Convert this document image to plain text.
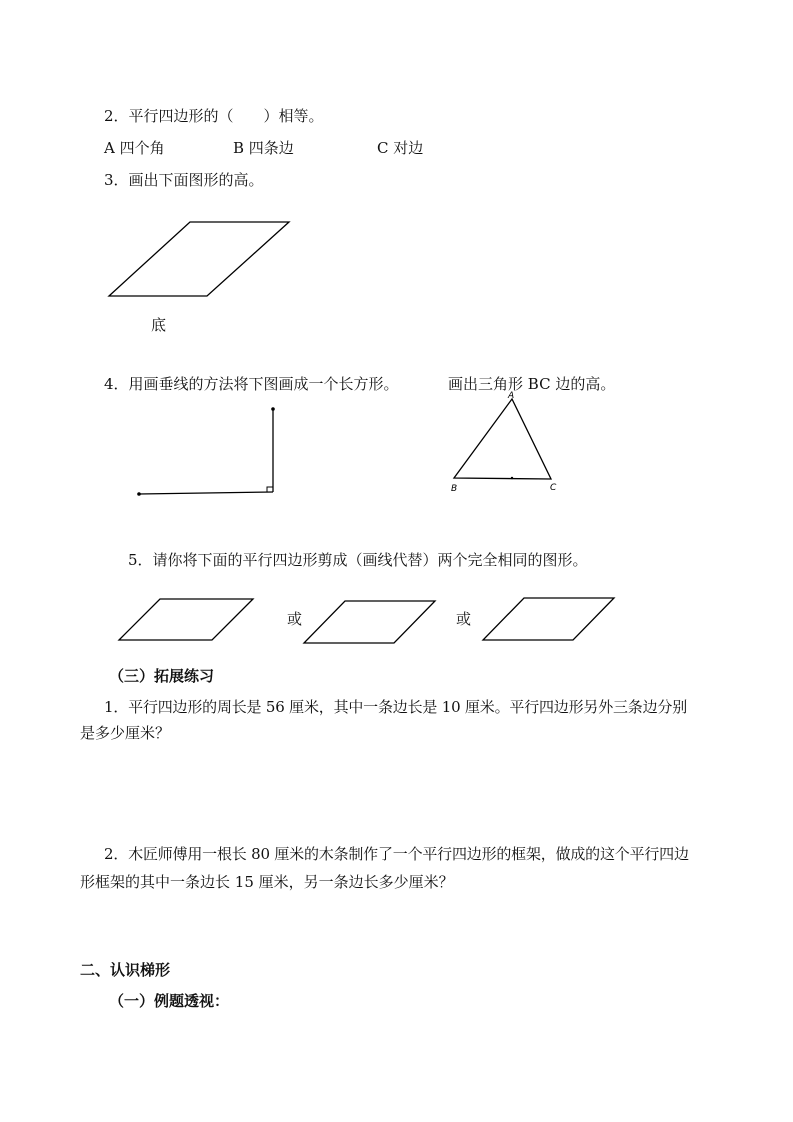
2．平行四边形的（　　）相等。
A 四个角	B 四条边	C 对边
3．画出下面图形的高。
底
4．用画垂线的方法将下图画成一个长方形。	画出三角形 BC 边的高。
A
B	C
5．请你将下面的平行四边形剪成（画线代替）两个完全相同的图形。
或	或
（三）拓展练习
1．平行四边形的周长是 56 厘米，其中一条边长是 10 厘米。平行四边形另外三条边分别
是多少厘米？
2．木匠师傅用一根长 80 厘米的木条制作了一个平行四边形的框架，做成的这个平行四边
形框架的其中一条边长 15 厘米，另一条边长多少厘米？
二、认识梯形
（一）例题透视：
